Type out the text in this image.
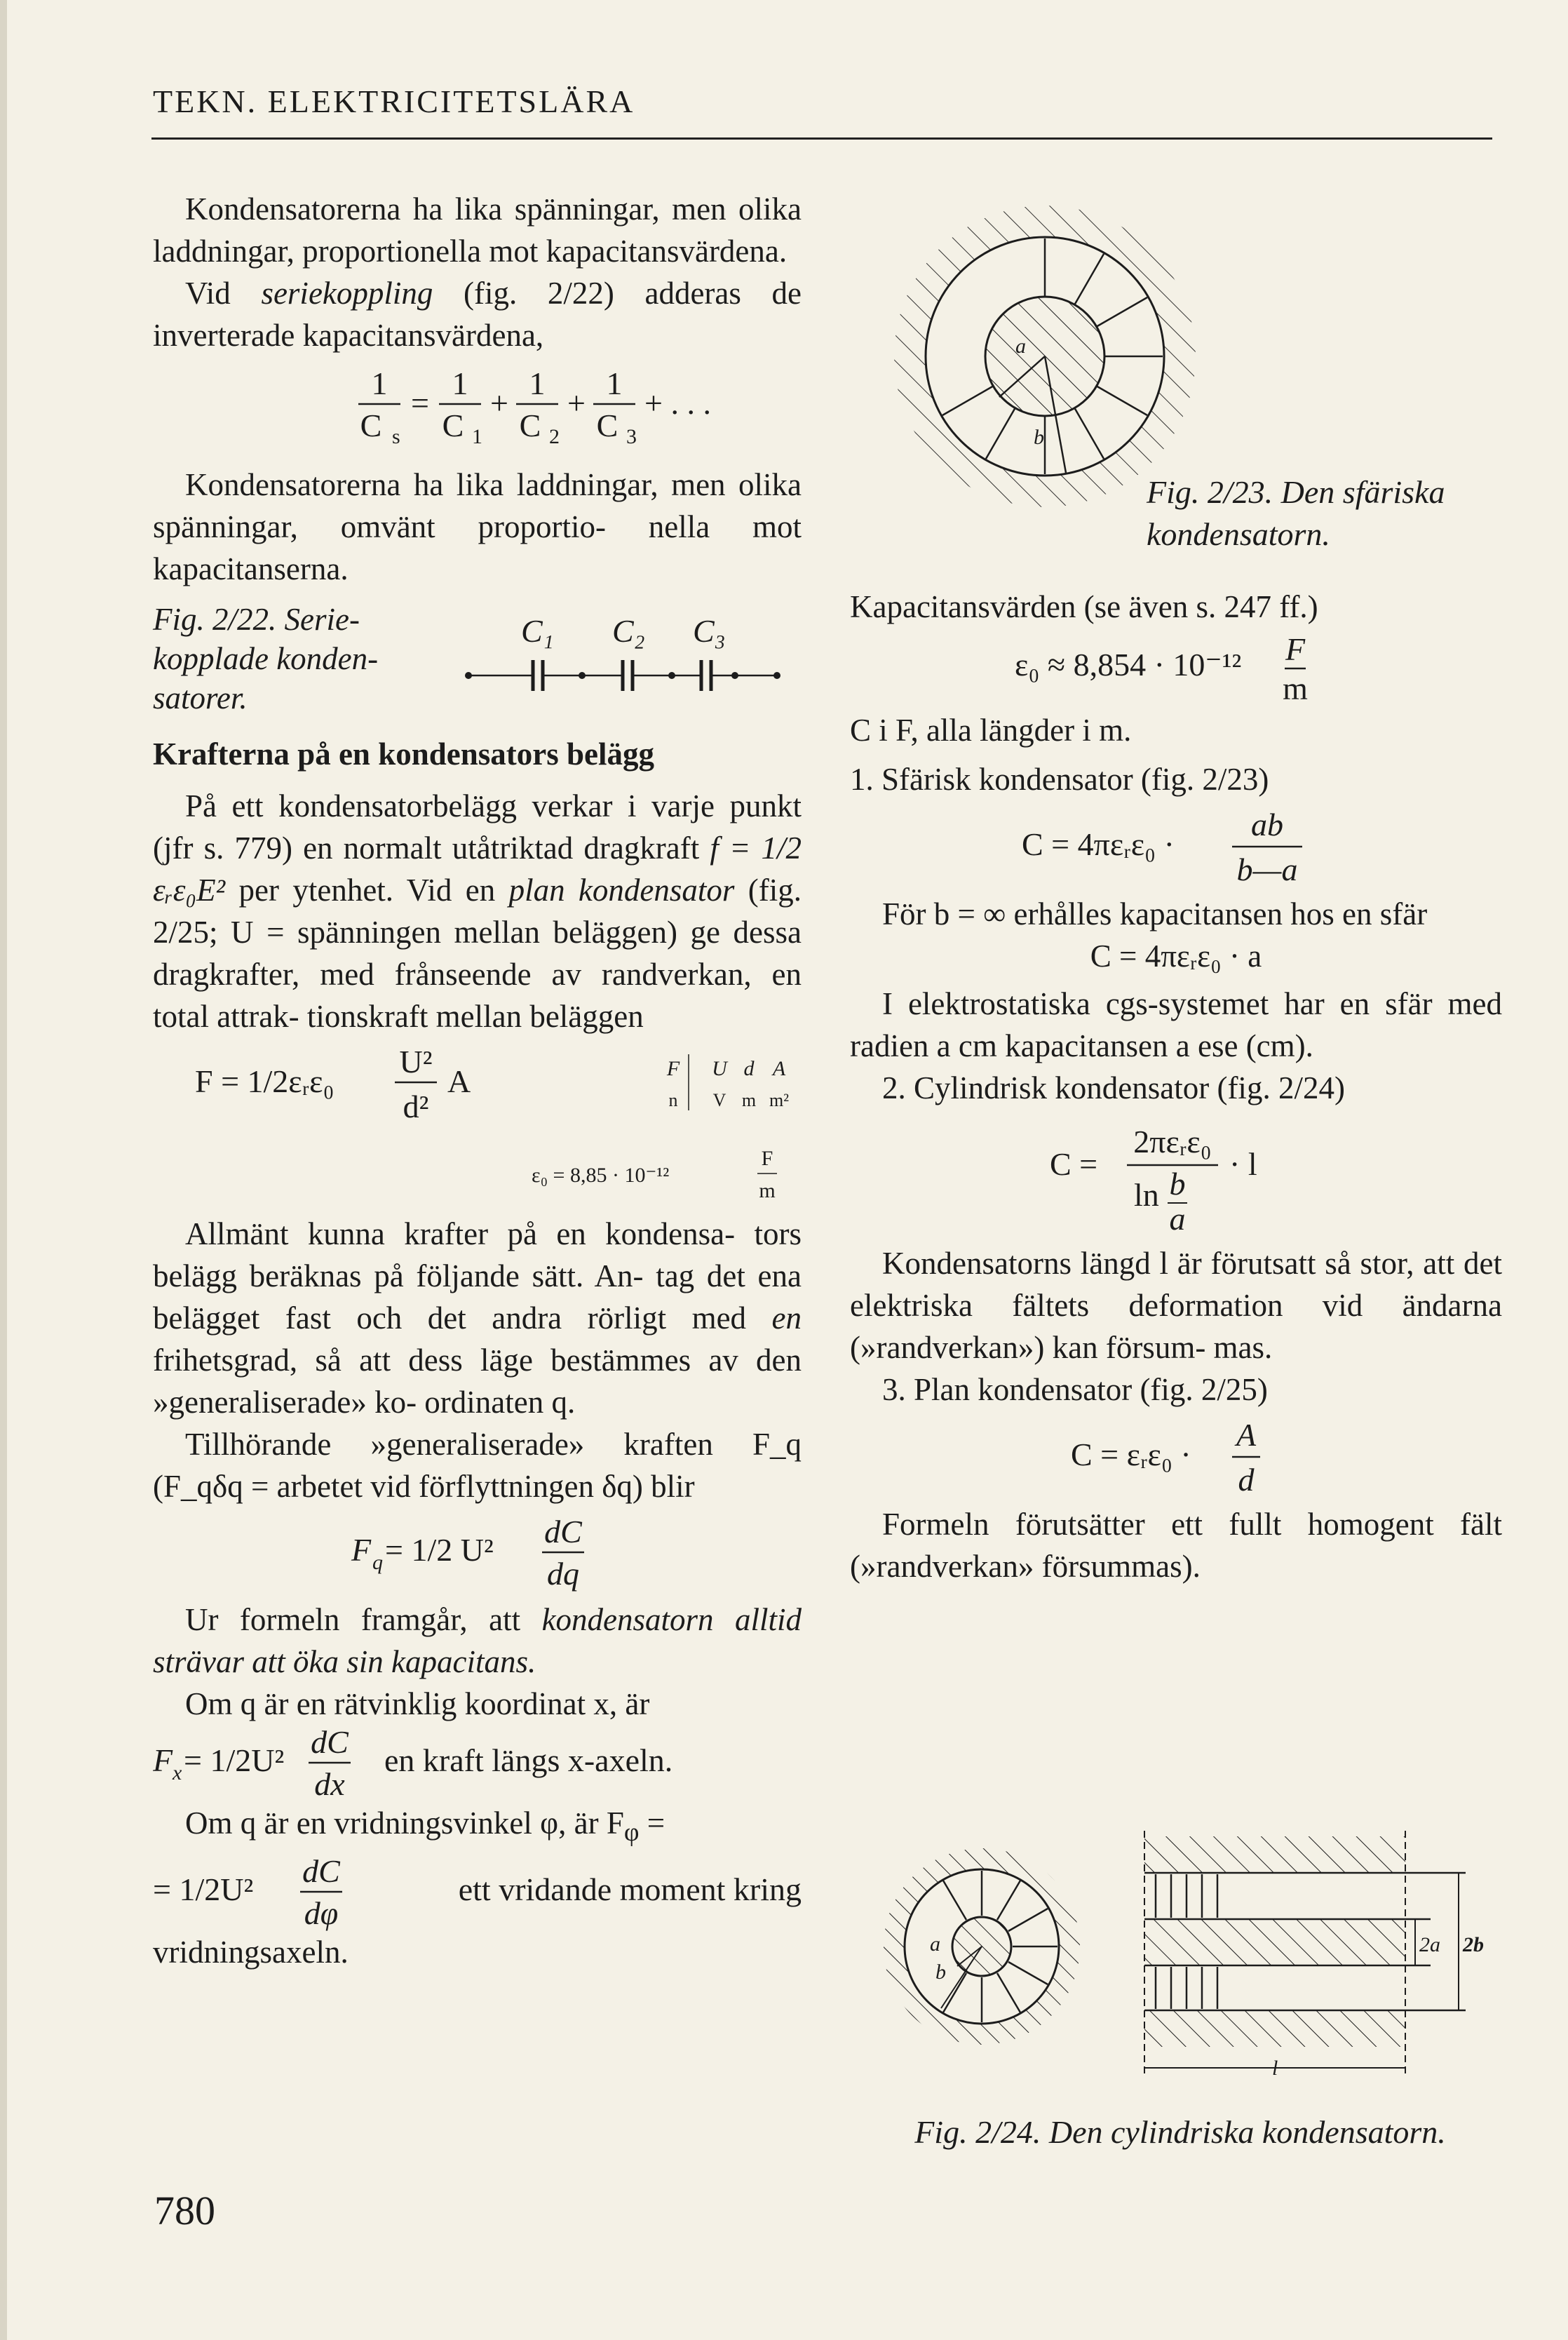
TEKN. ELEKTRICITETSLÄRA

Kondensatorerna ha lika spänningar, men olika laddningar, proportionella mot kapacitansvärdena.

Vid seriekoppling (fig. 2/22) adderas de inverterade kapacitansvärdena,

1
C s
=
1
C 1
+
1
C 2
+
1
C 3
+ . . .

Kondensatorerna ha lika laddningar, men olika spänningar, omvänt proportio- nella mot kapacitanserna.

Fig. 2/22. Serie- kopplade konden- satorer.
C₁ C₂ C₃

Krafterna på en kondensators belägg

På ett kondensatorbelägg verkar i varje punkt (jfr s. 779) en normalt utåtriktad dragkraft f = 1/2 εᵣε₀E² per ytenhet. Vid en plan kondensator (fig. 2/25; U = spänningen mellan beläggen) ge dessa dragkrafter, med frånseende av randverkan, en total attrak- tionskraft mellan beläggen

F = 1/2εᵣε₀
U²
d²
A	F U d A
n V m m²
ε₀ = 8,85 · 10⁻¹²
F
m

Allmänt kunna krafter på en kondensa- tors belägg beräknas på följande sätt. An- tag det ena belägget fast och det andra rörligt med en frihetsgrad, så att dess läge bestämmes av den »generaliserade» ko- ordinaten q.

Tillhörande »generaliserade» kraften F_q (F_qδq = arbetet vid förflyttningen δq) blir

F q = 1/2 U²
dC
dq

Ur formeln framgår, att kondensatorn alltid strävar att öka sin kapacitans.

Om q är en rätvinklig koordinat x, är

F x = 1/2U²
dC
dx
en kraft längs x-axeln.

Om q är en vridningsvinkel φ, är $F_\varphi$ =

= 1/2U²
dC
dφ
ett vridande moment kring

vridningsaxeln.

a
b
Fig. 2/23. Den sfäriska kondensatorn.

Kapacitansvärden (se även s. 247 ff.)

ε₀ ≈ 8,854 · 10⁻¹² F
m

C i F, alla längder i m.

1. Sfärisk kondensator (fig. 2/23)

C = 4πεᵣε₀ ·
ab
b—a

För b = ∞ erhålles kapacitansen hos en sfär

C = 4πεᵣε₀ · a

I elektrostatiska cgs-systemet har en sfär med radien a cm kapacitansen a ese (cm).

2. Cylindrisk kondensator (fig. 2/24)

C =
2πεᵣε₀
ln b
a
· l

Kondensatorns längd l är förutsatt så stor, att det elektriska fältets deformation vid ändarna (»randverkan») kan försum- mas.

3. Plan kondensator (fig. 2/25)

C = εᵣε₀ ·
A
d

Formeln förutsätter ett fullt homogent fält (»randverkan» försummas).

a
b
2a 2b
l
Fig. 2/24. Den cylindriska kondensatorn.
780
